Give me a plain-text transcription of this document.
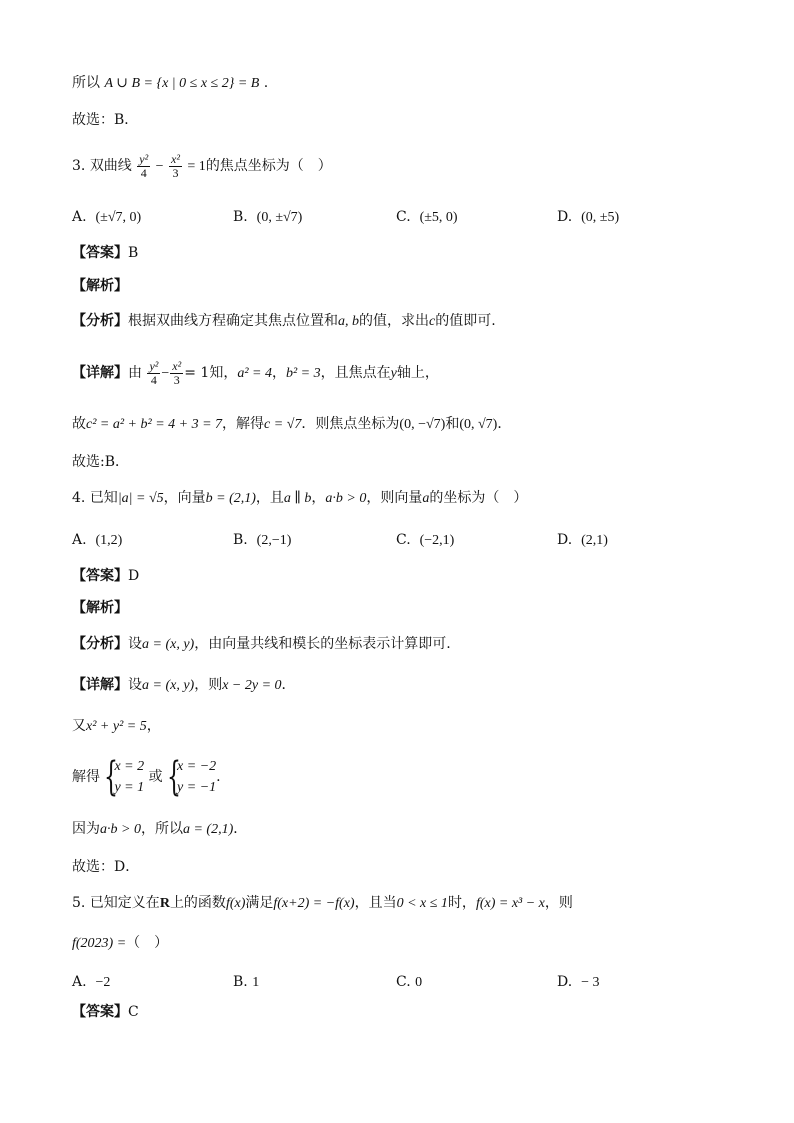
所以 A ∪ B = {x | 0 ≤ x ≤ 2} = B .
故选：B．
3. 双曲线 $\frac{\text{y²}}{4} - \frac{\text{x²}}{3} = 1$的焦点坐标为（　）
A. (±√7, 0)	B. (0, ±√7)	C. (±5, 0)	D. (0, ±5)
【答案】B
【解析】
【分析】根据双曲线方程确定其焦点位置和a, b的值，求出c的值即可.
【详解】由 $\frac{\text{y²}}{4} - \frac{\text{x²}}{3} = 1$知，a² = 4，b² = 3，且焦点在y轴上，
故c² = a² + b² = 4 + 3 = 7，解得c = √7．则焦点坐标为(0, −√7)和(0, √7)．
故选:B．
4. 已知|a| = √5，向量b = (2,1)，且a ∥ b，a·b > 0，则向量a的坐标为（　）
A. (1,2)	B. (2,−1)	C. (−2,1)	D. (2,1)
【答案】D
【解析】
【分析】设a = (x, y)，由向量共线和模长的坐标表示计算即可.
【详解】设a = (x, y)，则x − 2y = 0．
又x² + y² = 5，
解得 {
x = 2
y = 1
或 {
x = −2
y = −1
.
因为a·b > 0，所以a = (2,1)．
故选：D．
5. 已知定义在R上的函数f(x)满足f(x+2) = −f(x)，且当0 < x ≤ 1时，f(x) = x³ − x，则
f(2023) =（　）
A. −2	B. 1	C. 0	D. − 3
【答案】C
